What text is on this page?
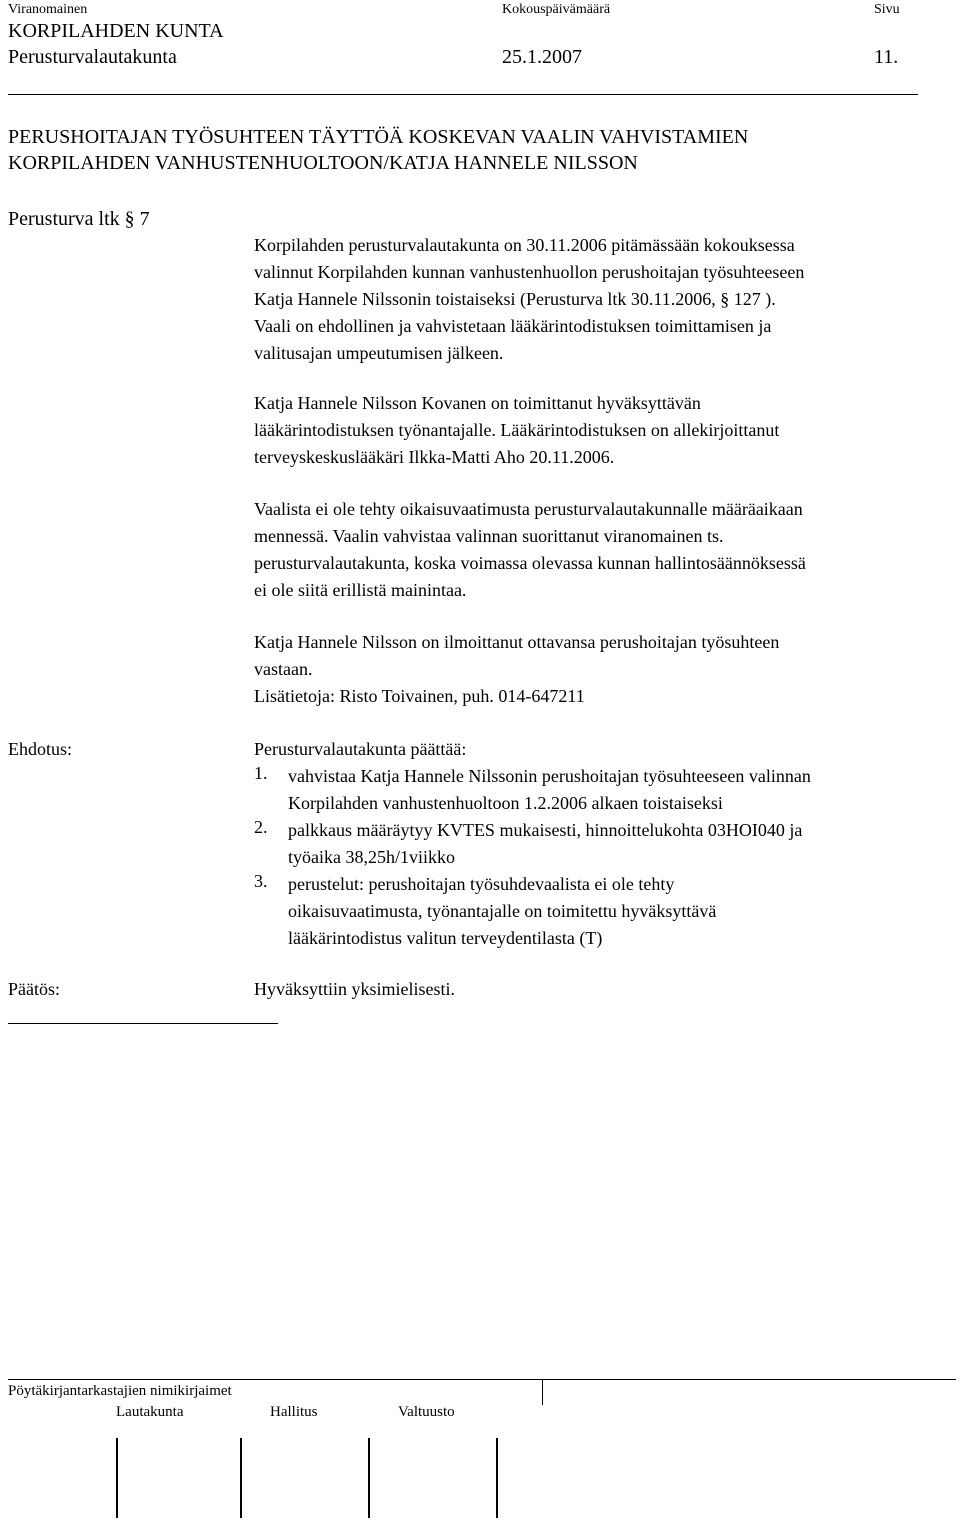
Viranomainen	Kokouspäivämäärä	Sivu
KORPILAHDEN KUNTA
Perusturvalautakunta	25.1.2007	11.
PERUSHOITAJAN TYÖSUHTEEN TÄYTTÖÄ KOSKEVAN VAALIN VAHVISTAMIEN
KORPILAHDEN VANHUSTENHUOLTOON/KATJA HANNELE NILSSON
Perusturva ltk § 7
Korpilahden perusturvalautakunta on 30.11.2006 pitämässään kokouksessa
valinnut Korpilahden kunnan vanhustenhuollon perushoitajan työsuhteeseen
Katja Hannele Nilssonin toistaiseksi (Perusturva ltk 30.11.2006, § 127 ).
Vaali on ehdollinen ja vahvistetaan lääkärintodistuksen toimittamisen ja
valitusajan umpeutumisen jälkeen.
Katja Hannele Nilsson Kovanen on toimittanut hyväksyttävän
lääkärintodistuksen työnantajalle. Lääkärintodistuksen on allekirjoittanut
terveyskeskuslääkäri Ilkka-Matti Aho 20.11.2006.
Vaalista ei ole tehty oikaisuvaatimusta perusturvalautakunnalle määräaikaan
mennessä. Vaalin vahvistaa valinnan suorittanut viranomainen ts.
perusturvalautakunta, koska voimassa olevassa kunnan hallintosäännöksessä
ei ole siitä erillistä mainintaa.
Katja Hannele Nilsson on ilmoittanut ottavansa perushoitajan työsuhteen
vastaan.
Lisätietoja: Risto Toivainen, puh. 014-647211
Ehdotus:	Perusturvalautakunta päättää:
1. vahvistaa Katja Hannele Nilssonin perushoitajan työsuhteeseen valinnan
Korpilahden vanhustenhuoltoon 1.2.2006 alkaen toistaiseksi
2. palkkaus määräytyy KVTES mukaisesti, hinnoittelukohta 03HOI040 ja
työaika 38,25h/1viikko
3. perustelut: perushoitajan työsuhdevaalista ei ole tehty
oikaisuvaatimusta, työnantajalle on toimitettu hyväksyttävä
lääkärintodistus valitun terveydentilasta (T)
Päätös:	Hyväksyttiin yksimielisesti.
Pöytäkirjantarkastajien nimikirjaimet
Lautakunta	Hallitus	Valtuusto
